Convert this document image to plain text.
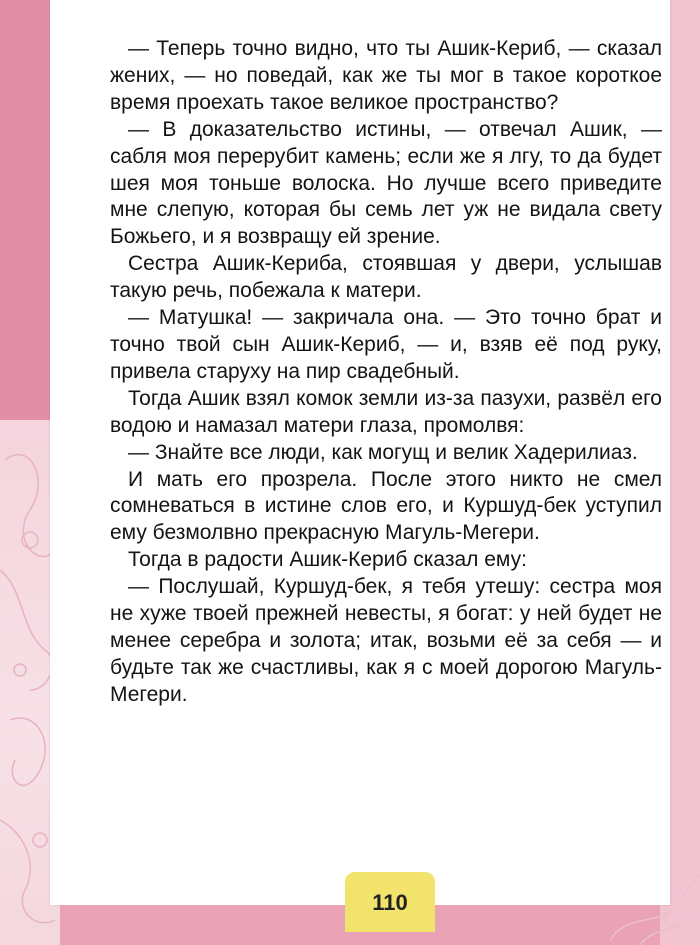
— Теперь точно видно, что ты Ашик-Кериб, — сказал жених, — но поведай, как же ты мог в такое короткое время проехать такое великое пространство?

— В доказательство истины, — отвечал Ашик, — сабля моя перерубит камень; если же я лгу, то да будет шея моя тоньше волоска. Но лучше всего приведите мне слепую, которая бы семь лет уж не видала свету Божьего, и я возвращу ей зрение.

Сестра Ашик-Кериба, стоявшая у двери, услышав такую речь, побежала к матери.

— Матушка! — закричала она. — Это точно брат и точно твой сын Ашик-Кериб, — и, взяв её под руку, привела старуху на пир свадебный.

Тогда Ашик взял комок земли из-за пазухи, развёл его водою и намазал матери глаза, промолвя:

— Знайте все люди, как могущ и велик Хадерилиаз.

И мать его прозрела. После этого никто не смел сомневаться в истине слов его, и Куршуд-бек уступил ему безмолвно прекрасную Магуль-Мегери.

Тогда в радости Ашик-Кериб сказал ему:

— Послушай, Куршуд-бек, я тебя утешу: сестра моя не хуже твоей прежней невесты, я богат: у ней будет не менее серебра и золота; итак, возьми её за себя — и будьте так же счастливы, как я с моей дорогою Магуль-Мегери.

110
